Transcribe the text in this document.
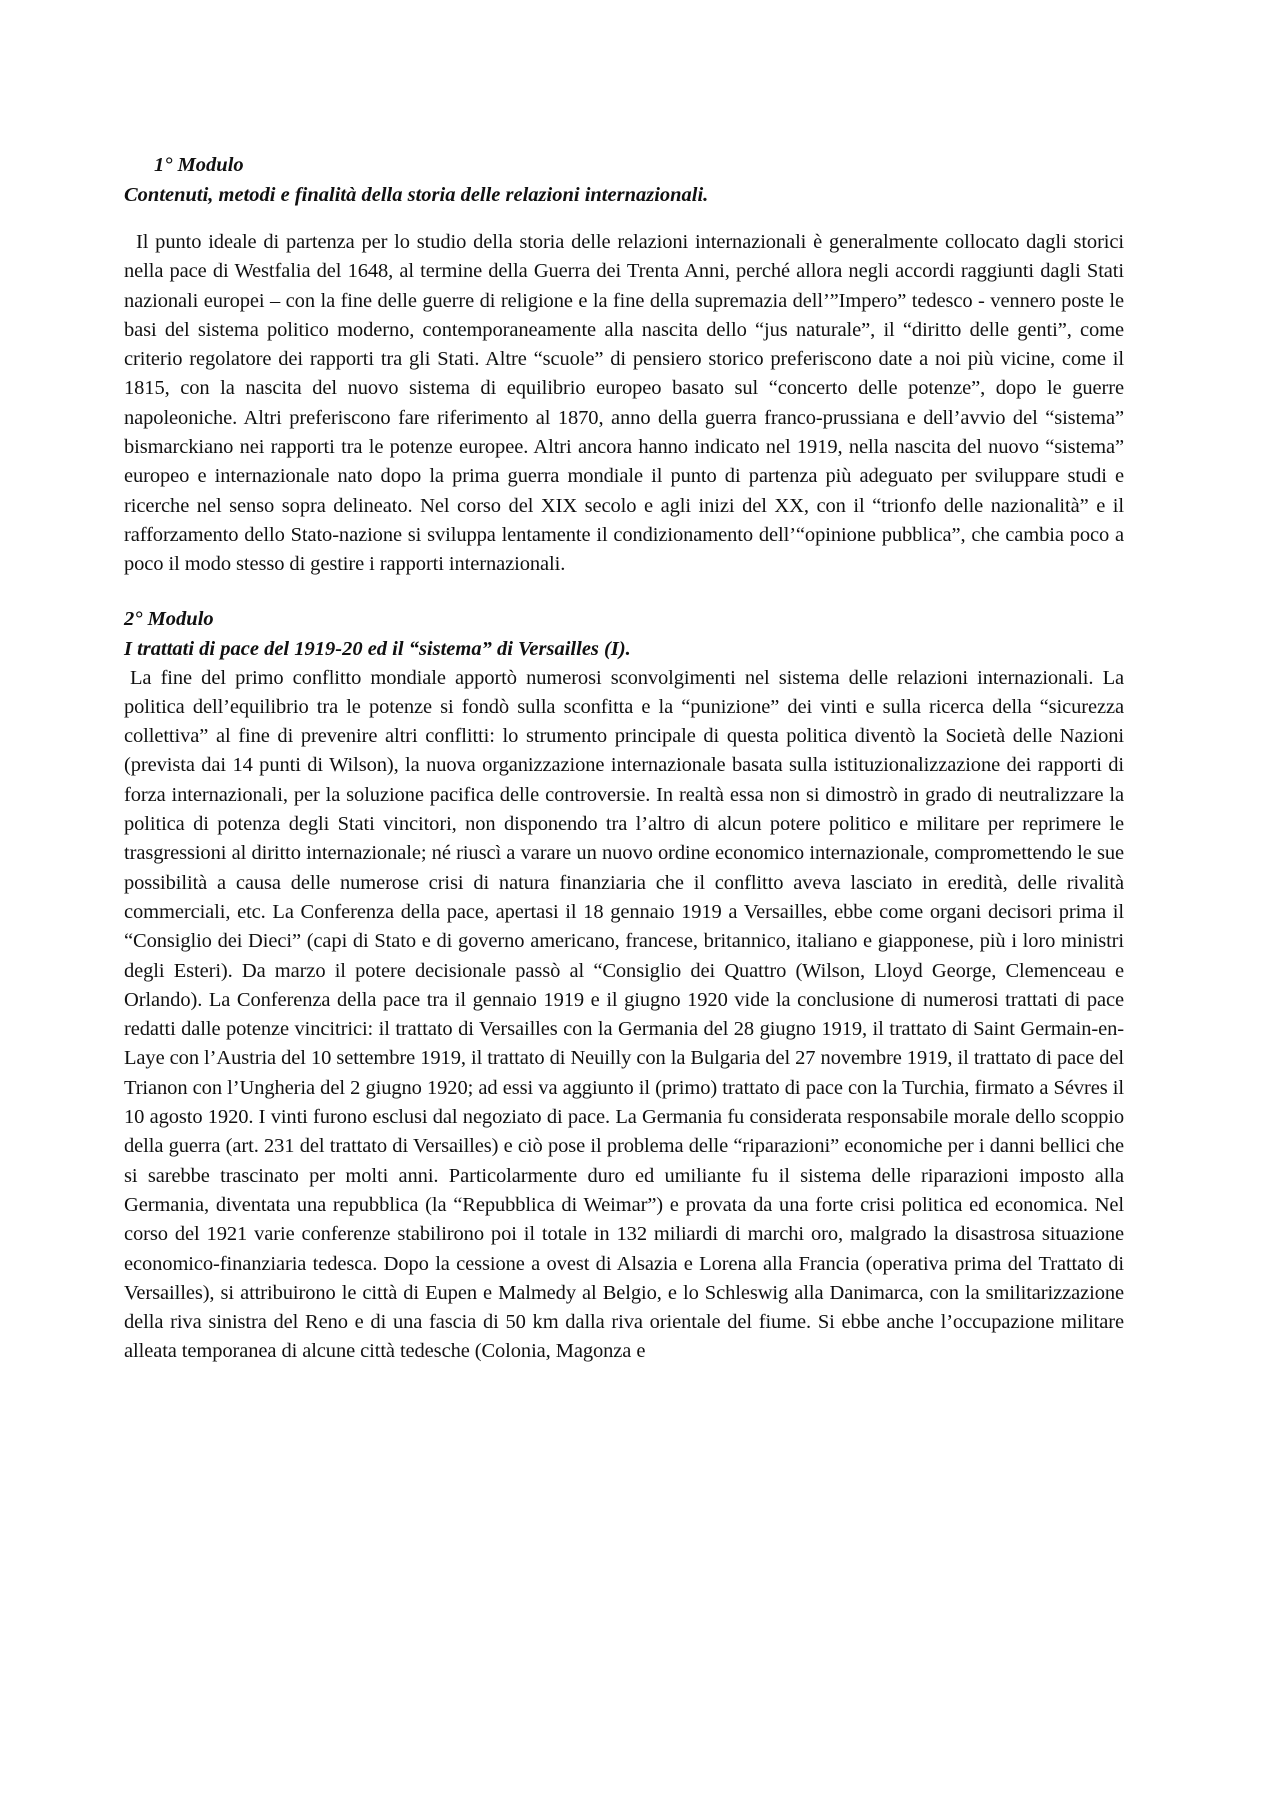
1° Modulo

Contenuti, metodi e finalità della storia delle relazioni internazionali.

Il punto ideale di partenza per lo studio della storia delle relazioni internazionali è generalmente collocato dagli storici nella pace di Westfalia del 1648, al termine della Guerra dei Trenta Anni, perché allora negli accordi raggiunti dagli Stati nazionali europei – con la fine delle guerre di religione e la fine della supremazia dell’”Impero” tedesco - vennero poste le basi del sistema politico moderno, contemporaneamente alla nascita dello “jus naturale”, il “diritto delle genti”, come criterio regolatore dei rapporti tra gli Stati. Altre “scuole” di pensiero storico preferiscono date a noi più vicine, come il 1815, con la nascita del nuovo sistema di equilibrio europeo basato sul “concerto delle potenze”, dopo le guerre napoleoniche. Altri preferiscono fare riferimento al 1870, anno della guerra franco-prussiana e dell’avvio del “sistema” bismarckiano nei rapporti tra le potenze europee. Altri ancora hanno indicato nel 1919, nella nascita del nuovo “sistema” europeo e internazionale nato dopo la prima guerra mondiale il punto di partenza più adeguato per sviluppare studi e ricerche nel senso sopra delineato. Nel corso del XIX secolo e agli inizi del XX, con il “trionfo delle nazionalità” e il rafforzamento dello Stato-nazione si sviluppa lentamente il condizionamento dell’“opinione pubblica”, che cambia poco a poco il modo stesso di gestire i rapporti internazionali.

2° Modulo

I trattati di pace del 1919-20 ed il “sistema” di Versailles (I).

La fine del primo conflitto mondiale apportò numerosi sconvolgimenti nel sistema delle relazioni internazionali. La politica dell’equilibrio tra le potenze si fondò sulla sconfitta e la “punizione” dei vinti e sulla ricerca della “sicurezza collettiva” al fine di prevenire altri conflitti: lo strumento principale di questa politica diventò la Società delle Nazioni (prevista dai 14 punti di Wilson), la nuova organizzazione internazionale basata sulla istituzionalizzazione dei rapporti di forza internazionali, per la soluzione pacifica delle controversie. In realtà essa non si dimostrò in grado di neutralizzare la politica di potenza degli Stati vincitori, non disponendo tra l’altro di alcun potere politico e militare per reprimere le trasgressioni al diritto internazionale; né riuscì a varare un nuovo ordine economico internazionale, compromettendo le sue possibilità a causa delle numerose crisi di natura finanziaria che il conflitto aveva lasciato in eredità, delle rivalità commerciali, etc. La Conferenza della pace, apertasi il 18 gennaio 1919 a Versailles, ebbe come organi decisori prima il “Consiglio dei Dieci” (capi di Stato e di governo americano, francese, britannico, italiano e giapponese, più i loro ministri degli Esteri). Da marzo il potere decisionale passò al “Consiglio dei Quattro (Wilson, Lloyd George, Clemenceau e Orlando). La Conferenza della pace tra il gennaio 1919 e il giugno 1920 vide la conclusione di numerosi trattati di pace redatti dalle potenze vincitrici: il trattato di Versailles con la Germania del 28 giugno 1919, il trattato di Saint Germain-en-Laye con l’Austria del 10 settembre 1919, il trattato di Neuilly con la Bulgaria del 27 novembre 1919, il trattato di pace del Trianon con l’Ungheria del 2 giugno 1920; ad essi va aggiunto il (primo) trattato di pace con la Turchia, firmato a Sévres il 10 agosto 1920. I vinti furono esclusi dal negoziato di pace. La Germania fu considerata responsabile morale dello scoppio della guerra (art. 231 del trattato di Versailles) e ciò pose il problema delle “riparazioni” economiche per i danni bellici che si sarebbe trascinato per molti anni. Particolarmente duro ed umiliante fu il sistema delle riparazioni imposto alla Germania, diventata una repubblica (la “Repubblica di Weimar”) e provata da una forte crisi politica ed economica. Nel corso del 1921 varie conferenze stabilirono poi il totale in 132 miliardi di marchi oro, malgrado la disastrosa situazione economico-finanziaria tedesca. Dopo la cessione a ovest di Alsazia e Lorena alla Francia (operativa prima del Trattato di Versailles), si attribuirono le città di Eupen e Malmedy al Belgio, e lo Schleswig alla Danimarca, con la smilitarizzazione della riva sinistra del Reno e di una fascia di 50 km dalla riva orientale del fiume. Si ebbe anche l’occupazione militare alleata temporanea di alcune città tedesche (Colonia, Magonza e
